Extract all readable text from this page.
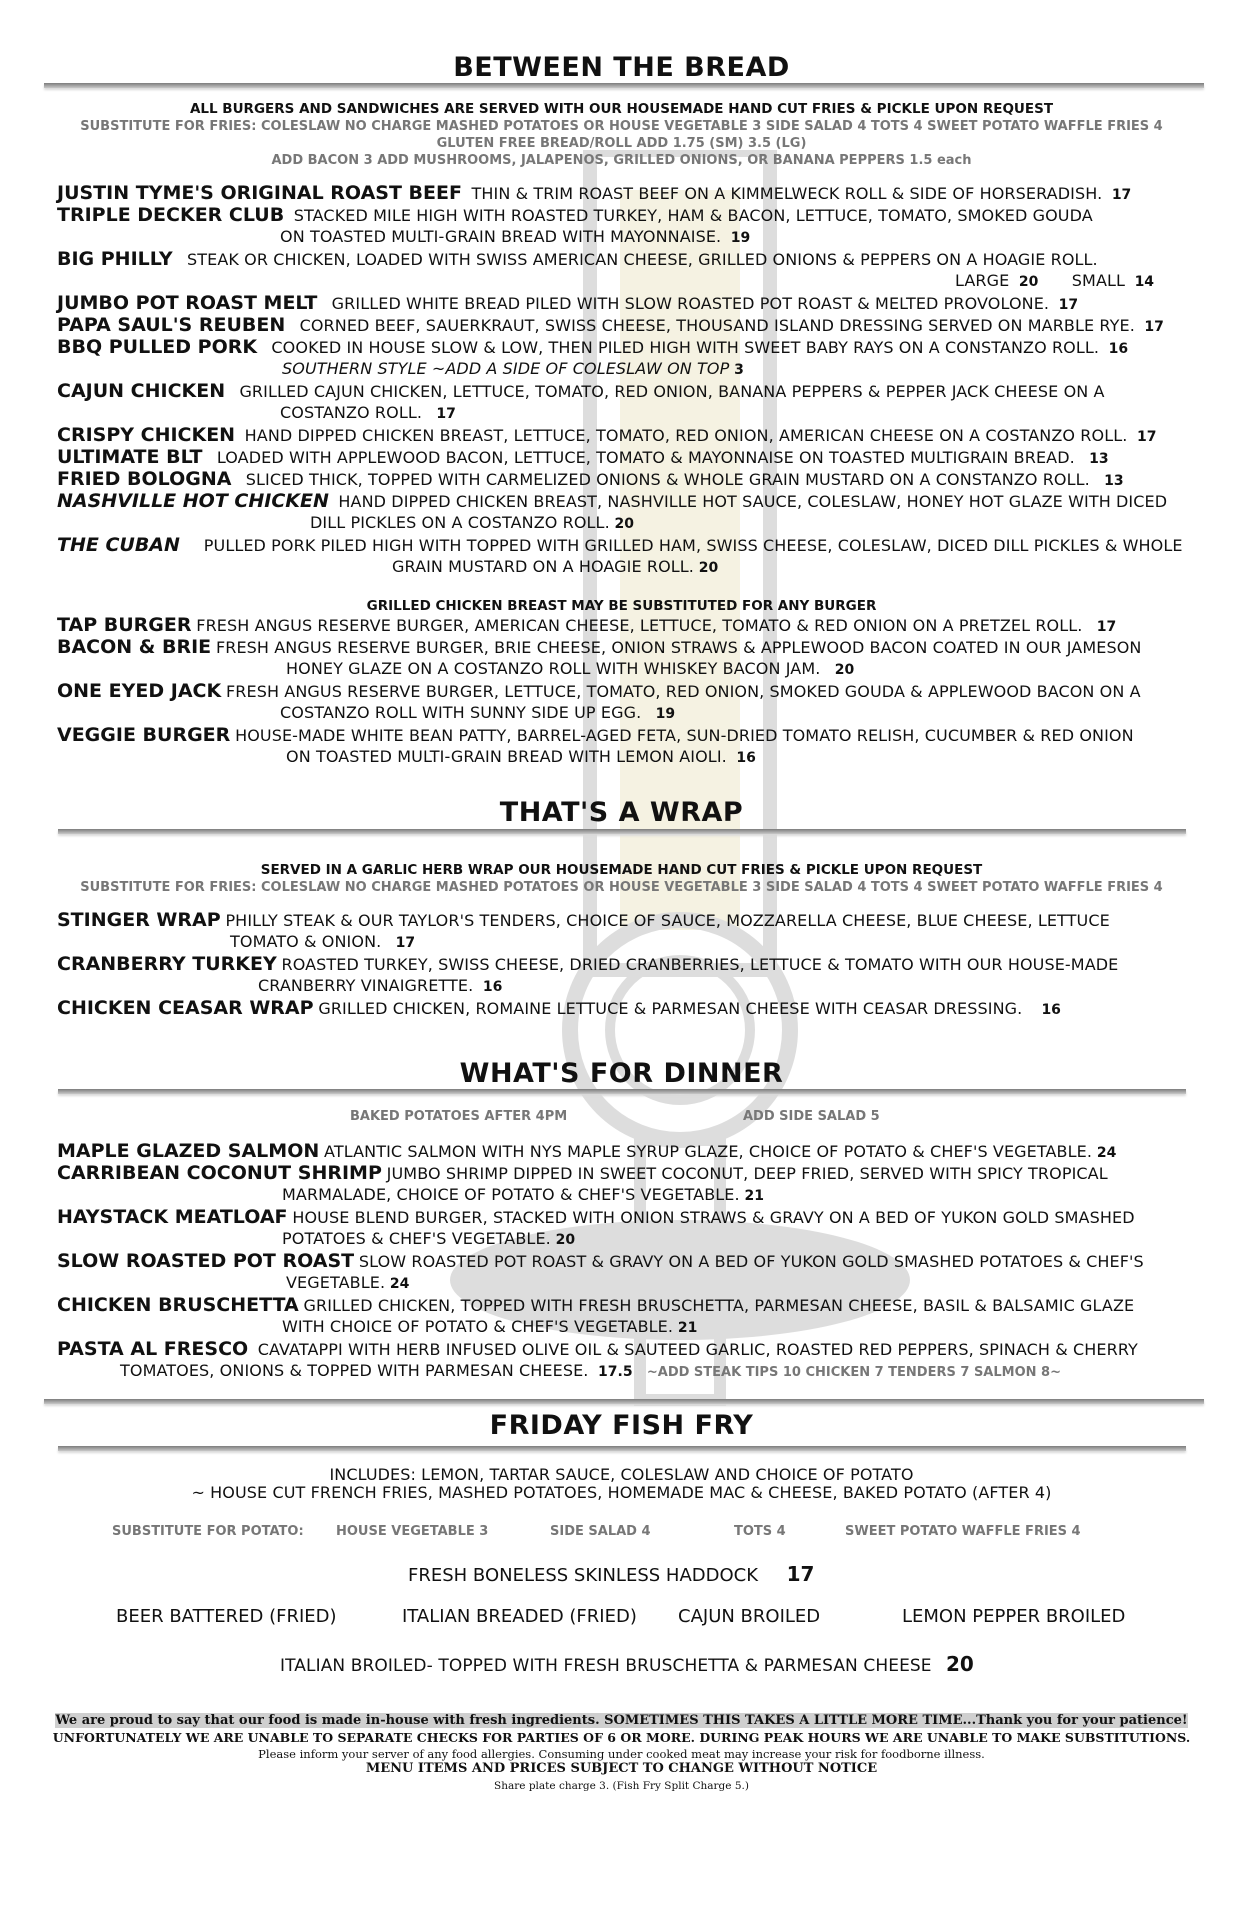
BETWEEN THE BREAD
ALL BURGERS AND SANDWICHES ARE SERVED WITH OUR HOUSEMADE HAND CUT FRIES & PICKLE UPON REQUEST
SUBSTITUTE FOR FRIES: COLESLAW NO CHARGE MASHED POTATOES OR HOUSE VEGETABLE 3 SIDE SALAD 4 TOTS 4 SWEET POTATO WAFFLE FRIES 4
GLUTEN FREE BREAD/ROLL ADD 1.75 (SM) 3.5 (LG)
ADD BACON 3 ADD MUSHROOMS, JALAPENOS, GRILLED ONIONS, OR BANANA PEPPERS 1.5 each
JUSTIN TYME'S ORIGINAL ROAST BEEF THIN & TRIM ROAST BEEF ON A KIMMELWECK ROLL & SIDE OF HORSERADISH. 17
TRIPLE DECKER CLUB STACKED MILE HIGH WITH ROASTED TURKEY, HAM & BACON, LETTUCE, TOMATO, SMOKED GOUDA
ON TOASTED MULTI-GRAIN BREAD WITH MAYONNAISE. 19
BIG PHILLY STEAK OR CHICKEN, LOADED WITH SWISS AMERICAN CHEESE, GRILLED ONIONS & PEPPERS ON A HOAGIE ROLL.
LARGE 20 SMALL 14
JUMBO POT ROAST MELT GRILLED WHITE BREAD PILED WITH SLOW ROASTED POT ROAST & MELTED PROVOLONE. 17
PAPA SAUL'S REUBEN CORNED BEEF, SAUERKRAUT, SWISS CHEESE, THOUSAND ISLAND DRESSING SERVED ON MARBLE RYE. 17
BBQ PULLED PORK COOKED IN HOUSE SLOW & LOW, THEN PILED HIGH WITH SWEET BABY RAYS ON A CONSTANZO ROLL. 16
SOUTHERN STYLE ~ADD A SIDE OF COLESLAW ON TOP 3
CAJUN CHICKEN GRILLED CAJUN CHICKEN, LETTUCE, TOMATO, RED ONION, BANANA PEPPERS & PEPPER JACK CHEESE ON A
COSTANZO ROLL. 17
CRISPY CHICKEN HAND DIPPED CHICKEN BREAST, LETTUCE, TOMATO, RED ONION, AMERICAN CHEESE ON A COSTANZO ROLL. 17
ULTIMATE BLT LOADED WITH APPLEWOOD BACON, LETTUCE, TOMATO & MAYONNAISE ON TOASTED MULTIGRAIN BREAD. 13
FRIED BOLOGNA SLICED THICK, TOPPED WITH CARMELIZED ONIONS & WHOLE GRAIN MUSTARD ON A CONSTANZO ROLL. 13
NASHVILLE HOT CHICKEN HAND DIPPED CHICKEN BREAST, NASHVILLE HOT SAUCE, COLESLAW, HONEY HOT GLAZE WITH DICED
DILL PICKLES ON A COSTANZO ROLL. 20
THE CUBAN PULLED PORK PILED HIGH WITH TOPPED WITH GRILLED HAM, SWISS CHEESE, COLESLAW, DICED DILL PICKLES & WHOLE
GRAIN MUSTARD ON A HOAGIE ROLL. 20
GRILLED CHICKEN BREAST MAY BE SUBSTITUTED FOR ANY BURGER
TAP BURGER FRESH ANGUS RESERVE BURGER, AMERICAN CHEESE, LETTUCE, TOMATO & RED ONION ON A PRETZEL ROLL. 17
BACON & BRIE FRESH ANGUS RESERVE BURGER, BRIE CHEESE, ONION STRAWS & APPLEWOOD BACON COATED IN OUR JAMESON
HONEY GLAZE ON A COSTANZO ROLL WITH WHISKEY BACON JAM. 20
ONE EYED JACK FRESH ANGUS RESERVE BURGER, LETTUCE, TOMATO, RED ONION, SMOKED GOUDA & APPLEWOOD BACON ON A
COSTANZO ROLL WITH SUNNY SIDE UP EGG. 19
VEGGIE BURGER HOUSE-MADE WHITE BEAN PATTY, BARREL-AGED FETA, SUN-DRIED TOMATO RELISH, CUCUMBER & RED ONION
ON TOASTED MULTI-GRAIN BREAD WITH LEMON AIOLI. 16
THAT'S A WRAP
SERVED IN A GARLIC HERB WRAP OUR HOUSEMADE HAND CUT FRIES & PICKLE UPON REQUEST
SUBSTITUTE FOR FRIES: COLESLAW NO CHARGE MASHED POTATOES OR HOUSE VEGETABLE 3 SIDE SALAD 4 TOTS 4 SWEET POTATO WAFFLE FRIES 4
STINGER WRAP PHILLY STEAK & OUR TAYLOR'S TENDERS, CHOICE OF SAUCE, MOZZARELLA CHEESE, BLUE CHEESE, LETTUCE
TOMATO & ONION. 17
CRANBERRY TURKEY ROASTED TURKEY, SWISS CHEESE, DRIED CRANBERRIES, LETTUCE & TOMATO WITH OUR HOUSE-MADE
CRANBERRY VINAIGRETTE. 16
CHICKEN CEASAR WRAP GRILLED CHICKEN, ROMAINE LETTUCE & PARMESAN CHEESE WITH CEASAR DRESSING. 16
WHAT'S FOR DINNER
BAKED POTATOES AFTER 4PM	ADD SIDE SALAD 5
MAPLE GLAZED SALMON ATLANTIC SALMON WITH NYS MAPLE SYRUP GLAZE, CHOICE OF POTATO & CHEF'S VEGETABLE. 24
CARRIBEAN COCONUT SHRIMP JUMBO SHRIMP DIPPED IN SWEET COCONUT, DEEP FRIED, SERVED WITH SPICY TROPICAL
MARMALADE, CHOICE OF POTATO & CHEF'S VEGETABLE. 21
HAYSTACK MEATLOAF HOUSE BLEND BURGER, STACKED WITH ONION STRAWS & GRAVY ON A BED OF YUKON GOLD SMASHED
POTATOES & CHEF'S VEGETABLE. 20
SLOW ROASTED POT ROAST SLOW ROASTED POT ROAST & GRAVY ON A BED OF YUKON GOLD SMASHED POTATOES & CHEF'S
VEGETABLE. 24
CHICKEN BRUSCHETTA GRILLED CHICKEN, TOPPED WITH FRESH BRUSCHETTA, PARMESAN CHEESE, BASIL & BALSAMIC GLAZE
WITH CHOICE OF POTATO & CHEF'S VEGETABLE. 21
PASTA AL FRESCO CAVATAPPI WITH HERB INFUSED OLIVE OIL & SAUTEED GARLIC, ROASTED RED PEPPERS, SPINACH & CHERRY
TOMATOES, ONIONS & TOPPED WITH PARMESAN CHEESE. 17.5 ~ADD STEAK TIPS 10 CHICKEN 7 TENDERS 7 SALMON 8~
FRIDAY FISH FRY
INCLUDES: LEMON, TARTAR SAUCE, COLESLAW AND CHOICE OF POTATO
~ HOUSE CUT FRENCH FRIES, MASHED POTATOES, HOMEMADE MAC & CHEESE, BAKED POTATO (AFTER 4)
SUBSTITUTE FOR POTATO: HOUSE VEGETABLE 3	SIDE SALAD 4	TOTS 4	SWEET POTATO WAFFLE FRIES 4
FRESH BONELESS SKINLESS HADDOCK 17
BEER BATTERED (FRIED)	ITALIAN BREADED (FRIED) CAJUN BROILED	LEMON PEPPER BROILED
ITALIAN BROILED- TOPPED WITH FRESH BRUSCHETTA & PARMESAN CHEESE 20
We are proud to say that our food is made in-house with fresh ingredients. SOMETIMES THIS TAKES A LITTLE MORE TIME...Thank you for your patience!
UNFORTUNATELY WE ARE UNABLE TO SEPARATE CHECKS FOR PARTIES OF 6 OR MORE. DURING PEAK HOURS WE ARE UNABLE TO MAKE SUBSTITUTIONS.
Please inform your server of any food allergies. Consuming under cooked meat may increase your risk for foodborne illness.
MENU ITEMS AND PRICES SUBJECT TO CHANGE WITHOUT NOTICE
Share plate charge 3. (Fish Fry Split Charge 5.)
